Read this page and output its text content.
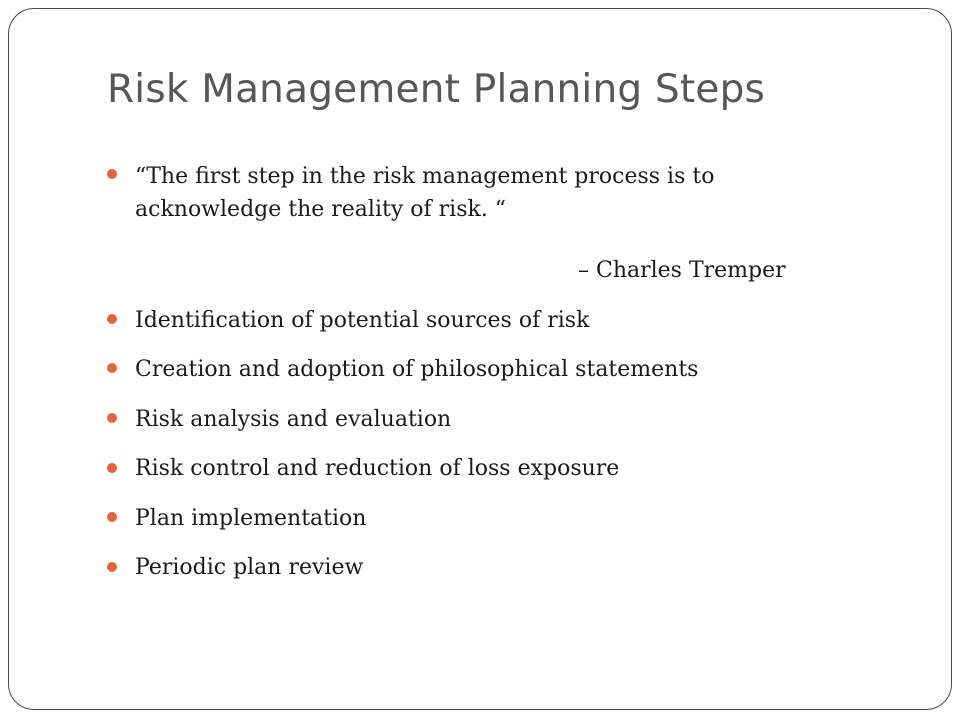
Risk Management Planning Steps
“The first step in the risk management process is to
acknowledge the reality of risk. “
Identification of potential sources of risk
Creation and adoption of philosophical statements
Risk analysis and evaluation
Risk control and reduction of loss exposure
Plan implementation
Periodic plan review
– Charles Tremper
